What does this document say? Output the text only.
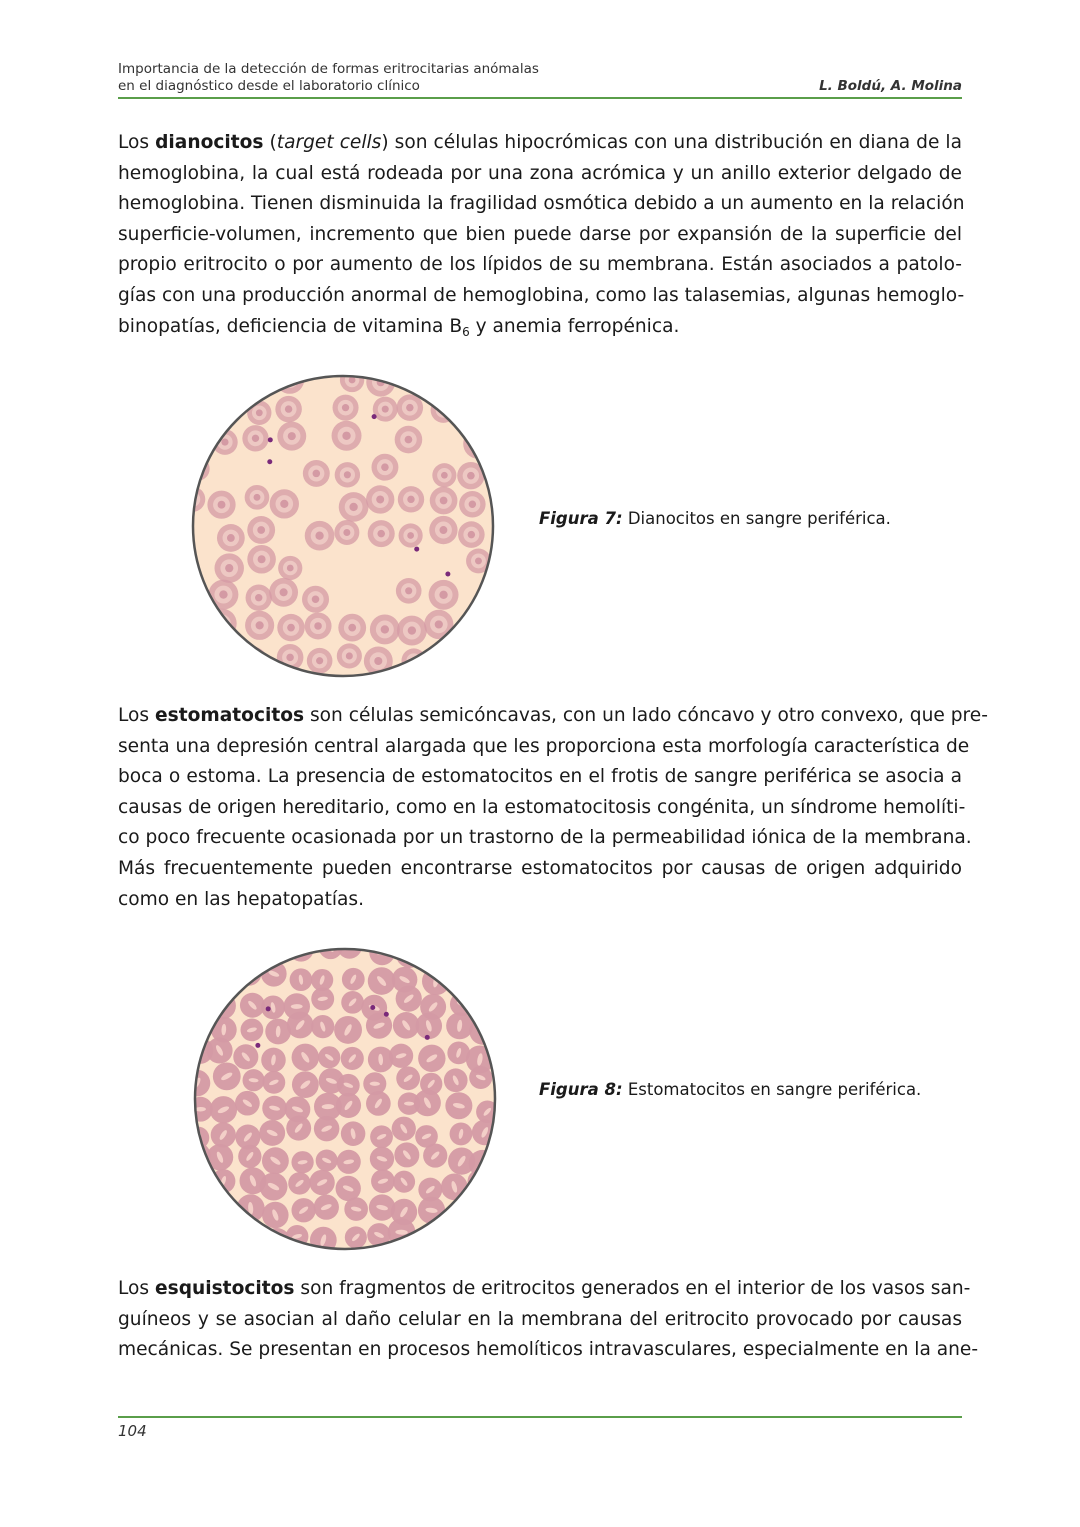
Importancia de la detección de formas eritrocitarias anómalas
en el diagnóstico desde el laboratorio clínico	L. Boldú, A. Molina
Los dianocitos (target cells) son células hipocrómicas con una distribución en diana de la
hemoglobina, la cual está rodeada por una zona acrómica y un anillo exterior delgado de
hemoglobina. Tienen disminuida la fragilidad osmótica debido a un aumento en la relación
superficie-volumen, incremento que bien puede darse por expansión de la superficie del
propio eritrocito o por aumento de los lípidos de su membrana. Están asociados a patolo-
gías con una producción anormal de hemoglobina, como las talasemias, algunas hemoglo-
binopatías, deficiencia de vitamina $B_6$ y anemia ferropénica.
Figura 7: Dianocitos en sangre periférica.
Los estomatocitos son células semicóncavas, con un lado cóncavo y otro convexo, que pre-
senta una depresión central alargada que les proporciona esta morfología característica de
boca o estoma. La presencia de estomatocitos en el frotis de sangre periférica se asocia a
causas de origen hereditario, como en la estomatocitosis congénita, un síndrome hemolíti-
co poco frecuente ocasionada por un trastorno de la permeabilidad iónica de la membrana.
Más frecuentemente pueden encontrarse estomatocitos por causas de origen adquirido
como en las hepatopatías.
Figura 8: Estomatocitos en sangre periférica.
Los esquistocitos son fragmentos de eritrocitos generados en el interior de los vasos san-
guíneos y se asocian al daño celular en la membrana del eritrocito provocado por causas
mecánicas. Se presentan en procesos hemolíticos intravasculares, especialmente en la ane-
104
